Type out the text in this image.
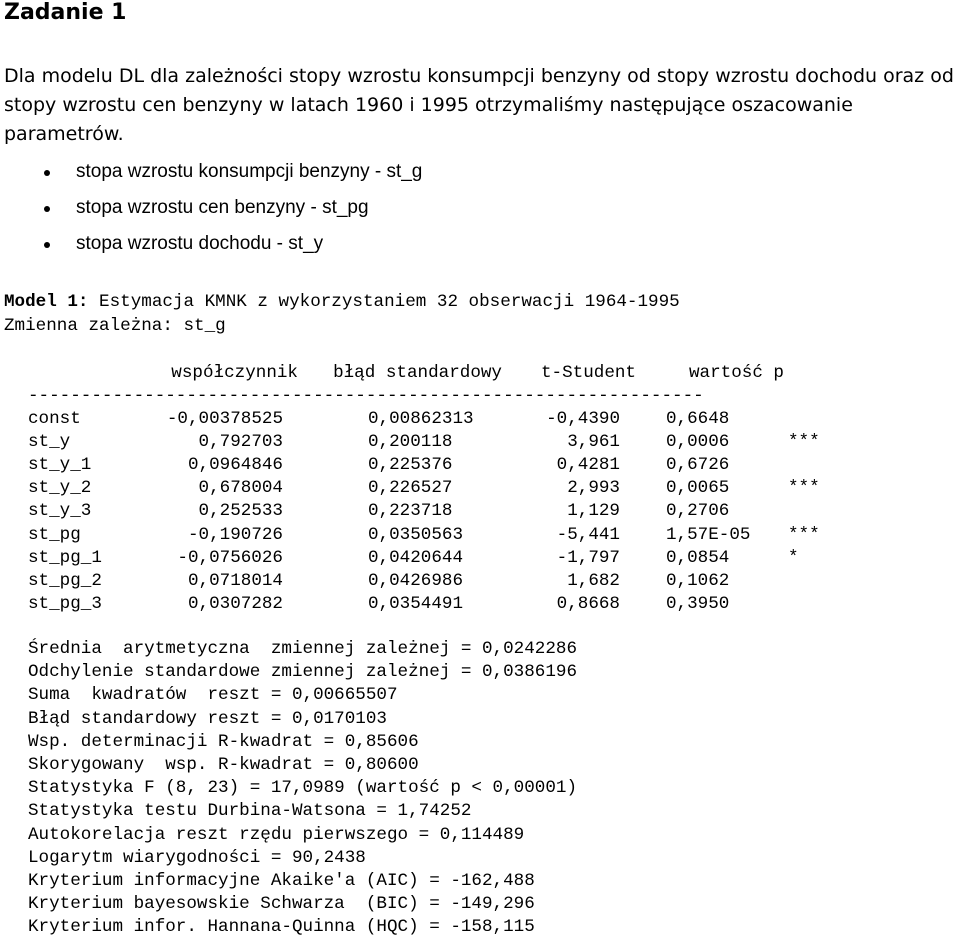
Zadanie 1
Dla modelu DL dla zależności stopy wzrostu konsumpcji benzyny od stopy wzrostu dochodu oraz od stopy wzrostu cen benzyny w latach 1960 i 1995 otrzymaliśmy następujące oszacowanie parametrów.
stopa wzrostu konsumpcji benzyny - st_g
stopa wzrostu cen benzyny - st_pg
stopa wzrostu dochodu - st_y
Model 1: Estymacja KMNK z wykorzystaniem 32 obserwacji 1964-1995
Zmienna zależna: st_g
	współczynnik	błąd standardowy	t-Student	wartość p	

const	-0,00378525	0,00862313	-0,4390	0,6648	
st_y	0,792703	0,200118	3,961	0,0006	***
st_y_1	0,0964846	0,225376	0,4281	0,6726	
st_y_2	0,678004	0,226527	2,993	0,0065	***
st_y_3	0,252533	0,223718	1,129	0,2706	
st_pg	-0,190726	0,0350563	-5,441	1,57E-05	***
st_pg_1	-0,0756026	0,0420644	-1,797	0,0854	*
st_pg_2	0,0718014	0,0426986	1,682	0,1062	
st_pg_3	0,0307282	0,0354491	0,8668	0,3950	
----------------------------------------------------------------
Średnia  arytmetyczna  zmiennej zależnej = 0,0242286
Odchylenie standardowe zmiennej zależnej = 0,0386196
Suma  kwadratów  reszt = 0,00665507
Błąd standardowy reszt = 0,0170103
Wsp. determinacji R-kwadrat = 0,85606
Skorygowany  wsp. R-kwadrat = 0,80600
Statystyka F (8, 23) = 17,0989 (wartość p < 0,00001)
Statystyka testu Durbina-Watsona = 1,74252
Autokorelacja reszt rzędu pierwszego = 0,114489
Logarytm wiarygodności = 90,2438
Kryterium informacyjne Akaike'a (AIC) = -162,488
Kryterium bayesowskie Schwarza  (BIC) = -149,296
Kryterium infor. Hannana-Quinna (HQC) = -158,115
